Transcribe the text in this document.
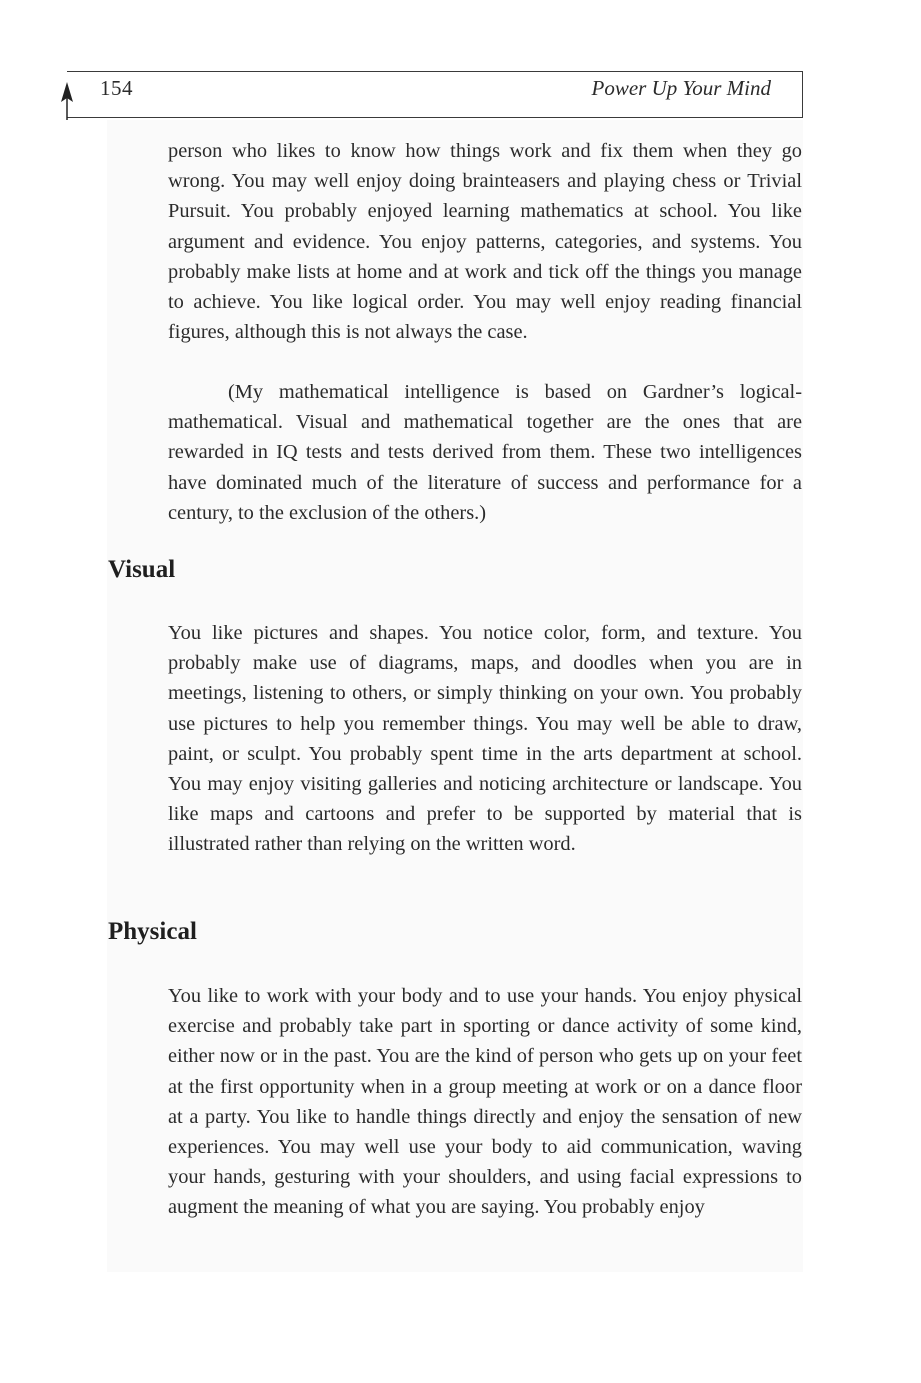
154	Power Up Your Mind

person who likes to know how things work and fix them when they go wrong. You may well enjoy doing brainteasers and playing chess or Trivial Pursuit. You probably enjoyed learning mathematics at school. You like argument and evidence. You enjoy patterns, categories, and systems. You probably make lists at home and at work and tick off the things you manage to achieve. You like logical order. You may well enjoy reading financial figures, although this is not always the case.

(My mathematical intelligence is based on Gardner’s logical-mathematical. Visual and mathematical together are the ones that are rewarded in IQ tests and tests derived from them. These two intelligences have dominated much of the literature of success and performance for a century, to the exclusion of the others.)

Visual

You like pictures and shapes. You notice color, form, and texture. You probably make use of diagrams, maps, and doodles when you are in meetings, listening to others, or simply thinking on your own. You probably use pictures to help you remember things. You may well be able to draw, paint, or sculpt. You probably spent time in the arts department at school. You may enjoy visiting galleries and noticing architecture or landscape. You like maps and cartoons and prefer to be supported by material that is illustrated rather than relying on the written word.

Physical

You like to work with your body and to use your hands. You enjoy physical exercise and probably take part in sporting or dance activity of some kind, either now or in the past. You are the kind of person who gets up on your feet at the first opportunity when in a group meeting at work or on a dance floor at a party. You like to handle things directly and enjoy the sensation of new experiences. You may well use your body to aid communication, waving your hands, gesturing with your shoulders, and using facial expressions to augment the meaning of what you are saying. You probably enjoy
